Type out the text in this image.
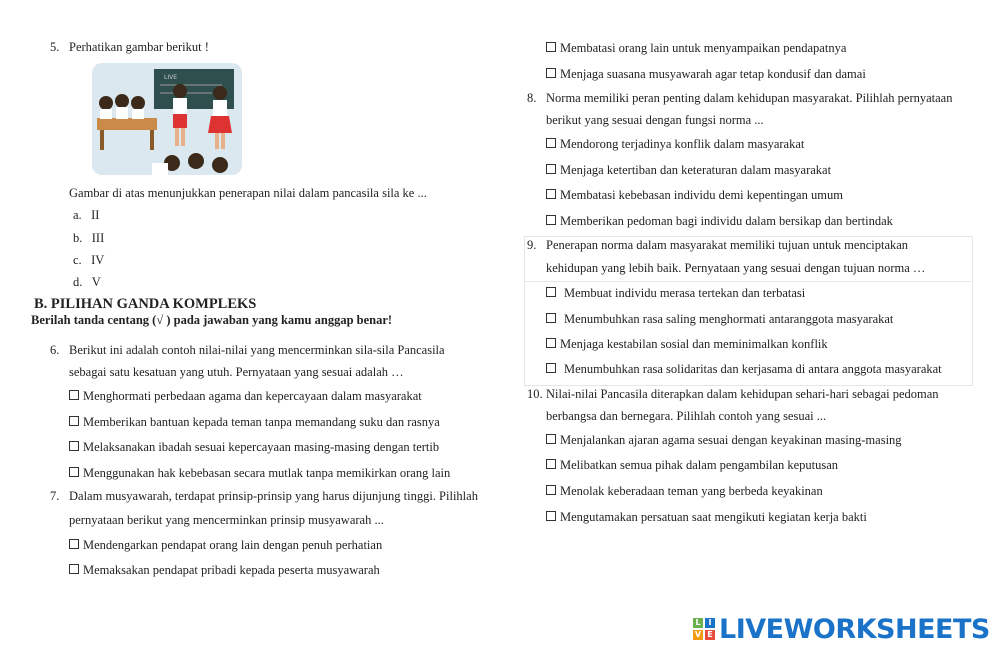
5. Perhatikan gambar berikut !
LIVE
Gambar di atas menunjukkan penerapan nilai dalam pancasila sila ke ...
a. II
b. III
c. IV
d. V
B. PILIHAN GANDA KOMPLEKS
Berilah tanda centang (√ ) pada jawaban yang kamu anggap benar!
6. Berikut ini adalah contoh nilai-nilai yang mencerminkan sila-sila Pancasila
sebagai satu kesatuan yang utuh. Pernyataan yang sesuai adalah …
Menghormati perbedaan agama dan kepercayaan dalam masyarakat
Memberikan bantuan kepada teman tanpa memandang suku dan rasnya
Melaksanakan ibadah sesuai kepercayaan masing-masing dengan tertib
Menggunakan hak kebebasan secara mutlak tanpa memikirkan orang lain
7. Dalam musyawarah, terdapat prinsip-prinsip yang harus dijunjung tinggi. Pilihlah
pernyataan berikut yang mencerminkan prinsip musyawarah ...
Mendengarkan pendapat orang lain dengan penuh perhatian
Memaksakan pendapat pribadi kepada peserta musyawarah
Membatasi orang lain untuk menyampaikan pendapatnya
Menjaga suasana musyawarah agar tetap kondusif dan damai
8. Norma memiliki peran penting dalam kehidupan masyarakat. Pilihlah pernyataan
berikut yang sesuai dengan fungsi norma ...
Mendorong terjadinya konflik dalam masyarakat
Menjaga ketertiban dan keteraturan dalam masyarakat
Membatasi kebebasan individu demi kepentingan umum
Memberikan pedoman bagi individu dalam bersikap dan bertindak
9. Penerapan norma dalam masyarakat memiliki tujuan untuk menciptakan
kehidupan yang lebih baik. Pernyataan yang sesuai dengan tujuan norma …
Membuat individu merasa tertekan dan terbatasi
Menumbuhkan rasa saling menghormati antaranggota masyarakat
Menjaga kestabilan sosial dan meminimalkan konflik
Menumbuhkan rasa solidaritas dan kerjasama di antara anggota masyarakat
10. Nilai-nilai Pancasila diterapkan dalam kehidupan sehari-hari sebagai pedoman
berbangsa dan bernegara. Pilihlah contoh yang sesuai ...
Menjalankan ajaran agama sesuai dengan keyakinan masing-masing
Melibatkan semua pihak dalam pengambilan keputusan
Menolak keberadaan teman yang berbeda keyakinan
Mengutamakan persatuan saat mengikuti kegiatan kerja bakti
L I
V E LIVEWORKSHEETS
